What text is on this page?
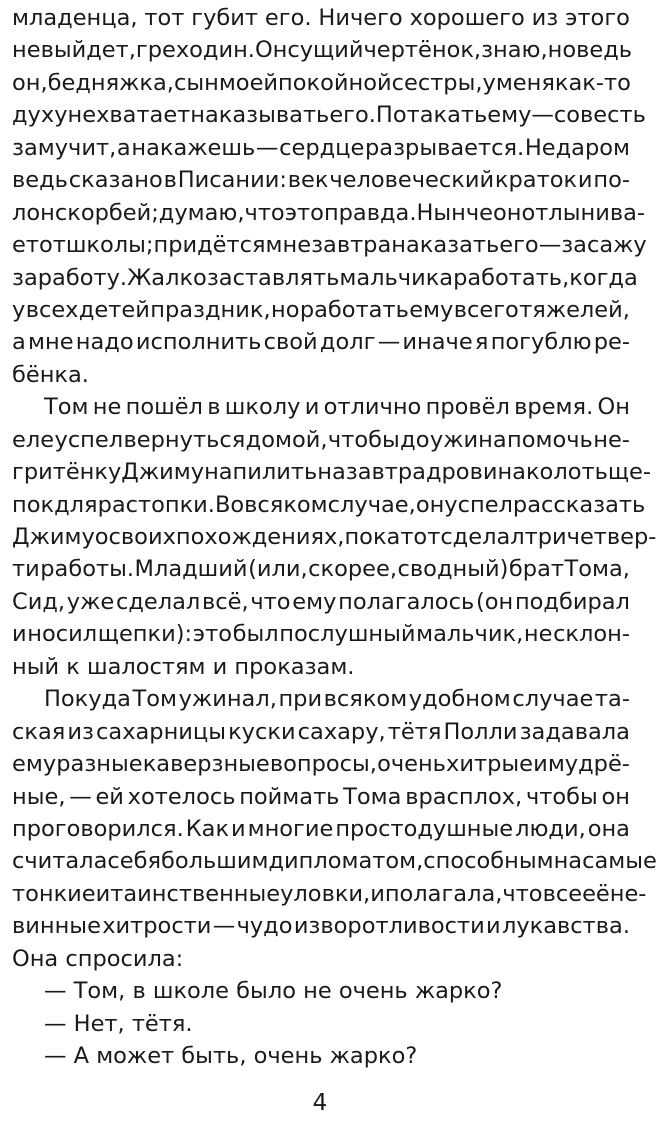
младенца, тот губит его. Ничего хорошего из этого
не выйдет, грех один. Он сущий чертёнок, знаю, но ведь
он, бедняжка, сын моей покойной сестры, у меня как-то
духу не хватает наказывать его. Потакать ему — совесть
замучит, а накажешь — сердце разрывается. Недаром
ведь сказано в Писании: век человеческий краток и по-
лон скорбей; думаю, что это правда. Нынче он отлынива-
ет от школы; придётся мне завтра наказать его — засажу
за работу. Жалко заставлять мальчика работать, когда
у всех детей праздник, но работать ему всего тяжелей,
а мне надо исполнить свой долг — иначе я погублю ре-
бёнка.
Том не пошёл в школу и отлично провёл время. Он
еле успел вернуться домой, чтобы до ужина помочь не-
гритёнку Джиму напилить на завтра дров и наколоть ще-
пок для растопки. Во всяком случае, он успел рассказать
Джиму о своих похождениях, пока тот сделал три четвер-
ти работы. Младший (или, скорее, сводный) брат Тома,
Сид, уже сделал всё, что ему полагалось (он подбирал
и носил щепки): это был послушный мальчик, не склон-
ный к шалостям и проказам.
Покуда Том ужинал, при всяком удобном случае та-
ская из сахарницы куски сахару, тётя Полли задавала
ему разные каверзные вопросы, очень хитрые и мудрё-
ные, — ей хотелось поймать Тома врасплох, чтобы он
проговорился. Как и многие простодушные люди, она
считала себя большим дипломатом, способным на самые
тонкие и таинственные уловки, и полагала, что все её не-
винные хитрости — чудо изворотливости и лукавства.
Она спросила:
— Том, в школе было не очень жарко?
— Нет, тётя.
— А может быть, очень жарко?
4
